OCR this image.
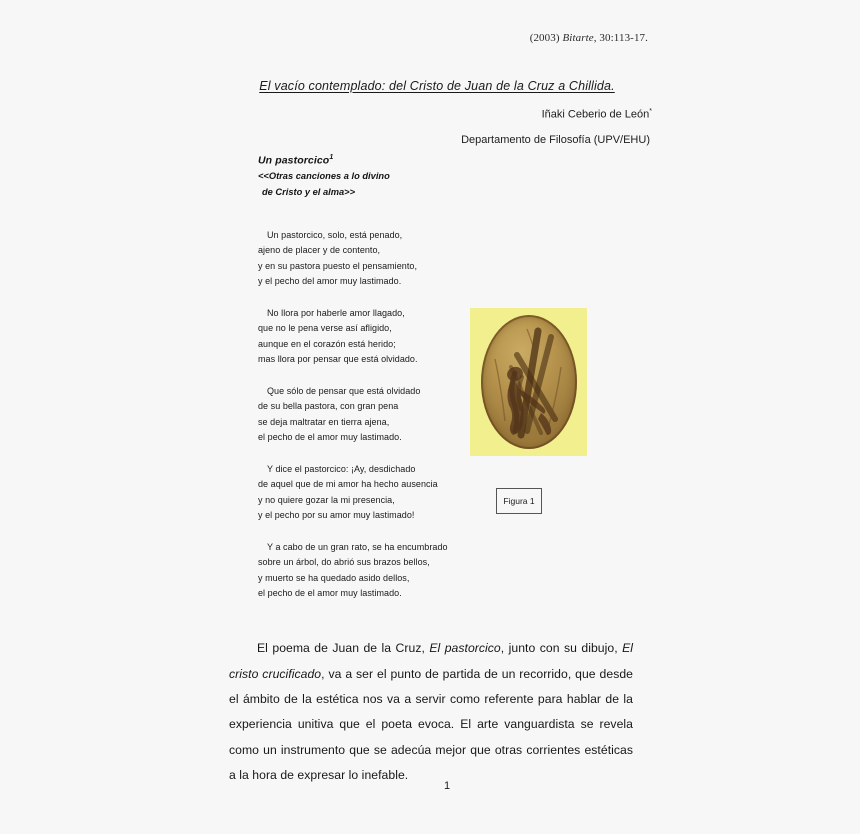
(2003) Bitarte, 30:113-17.
El vacío contemplado: del Cristo de Juan de la Cruz a Chillida.
Iñaki Ceberio de León*
Departamento de Filosofía (UPV/EHU)
Un pastorcico$^1$
<<Otras canciones a lo divino
de Cristo y el alma>>
Un pastorcico, solo, está penado,
ajeno de placer y de contento,
y en su pastora puesto el pensamiento,
y el pecho del amor muy lastimado.
No llora por haberle amor llagado,
que no le pena verse así afligido,
aunque en el corazón está herido;
mas llora por pensar que está olvidado.
Que sólo de pensar que está olvidado
de su bella pastora, con gran pena
se deja maltratar en tierra ajena,
el pecho de el amor muy lastimado.
Y dice el pastorcico: ¡Ay, desdichado
de aquel que de mi amor ha hecho ausencia
y no quiere gozar la mi presencia,
y el pecho por su amor muy lastimado!
Y a cabo de un gran rato, se ha encumbrado
sobre un árbol, do abrió sus brazos bellos,
y muerto se ha quedado asido dellos,
el pecho de el amor muy lastimado.
Figura 1

El poema de Juan de la Cruz, El pastorcico, junto con su dibujo, El cristo crucificado, va a ser el punto de partida de un recorrido, que desde el ámbito de la estética nos va a servir como referente para hablar de la experiencia unitiva que el poeta evoca. El arte vanguardista se revela como un instrumento que se adecúa mejor que otras corrientes estéticas a la hora de expresar lo inefable.

1
